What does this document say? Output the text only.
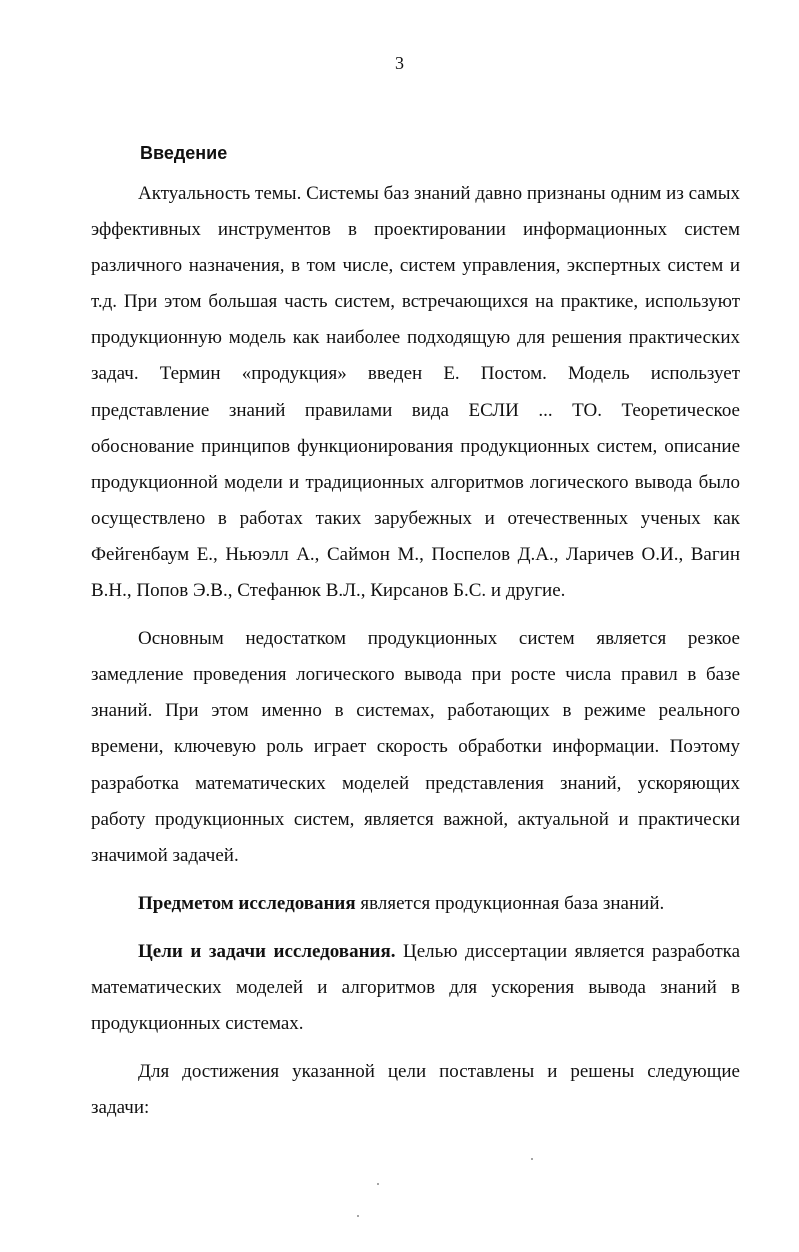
3
Введение

Актуальность темы. Системы баз знаний давно признаны одним из самых эффективных инструментов в проектировании информационных систем различного назначения, в том числе, систем управления, экспертных систем и т.д. При этом большая часть систем, встречающихся на практике, используют продукционную модель как наиболее подходящую для решения практических задач. Термин «продукция» введен Е. Постом. Модель использует представление знаний правилами вида ЕСЛИ ... ТО. Теоретическое обоснование принципов функционирования продукционных систем, описание продукционной модели и традиционных алгоритмов логического вывода было осуществлено в работах таких зарубежных и отечественных ученых как Фейгенбаум Е., Ньюэлл А., Саймон М., Поспелов Д.А., Ларичев О.И., Вагин В.Н., Попов Э.В., Стефанюк В.Л., Кирсанов Б.С. и другие.

Основным недостатком продукционных систем является резкое замедление проведения логического вывода при росте числа правил в базе знаний. При этом именно в системах, работающих в режиме реального времени, ключевую роль играет скорость обработки информации. Поэтому разработка математических моделей представления знаний, ускоряющих работу продукционных систем, является важной, актуальной и практически значимой задачей.

Предметом исследования является продукционная база знаний.

Цели и задачи исследования. Целью диссертации является разработка математических моделей и алгоритмов для ускорения вывода знаний в продукционных системах.

Для достижения указанной цели поставлены и решены следующие задачи:
